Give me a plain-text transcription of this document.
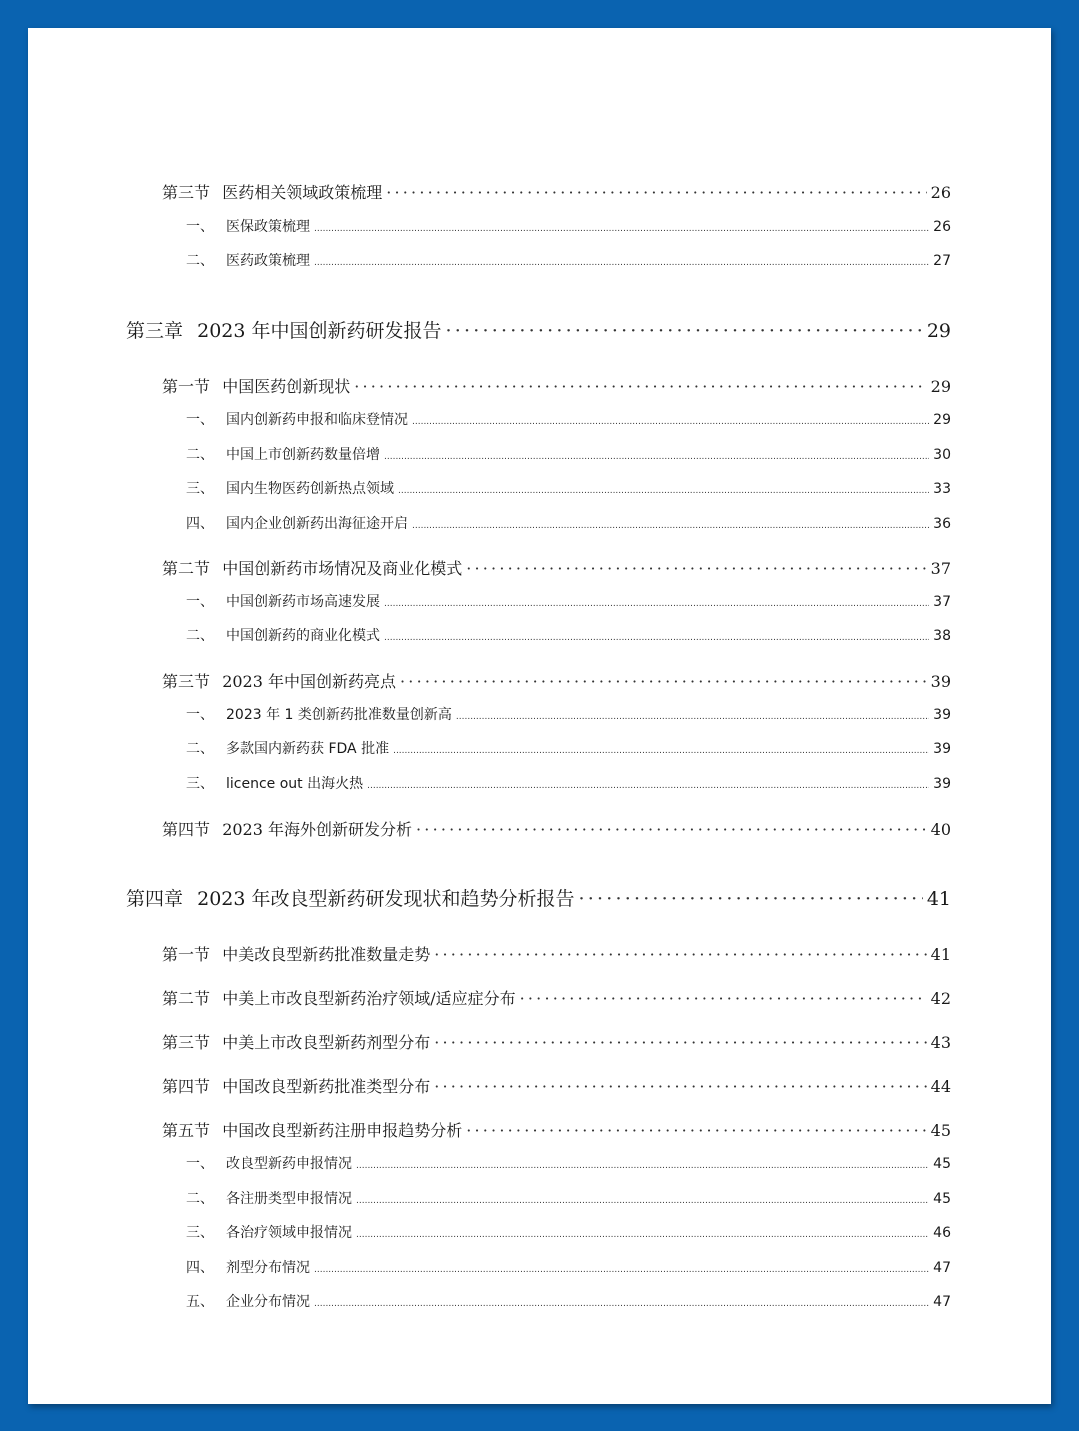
第三节 医药相关领域政策梳理 ·····	26
一、 医保政策梳理 .....	26
二、 医药政策梳理 .....	27
第三章 2023 年中国创新药研发报告 ·····	29
第一节 中国医药创新现状 ·····	29
一、 国内创新药申报和临床登情况 .....	29
二、 中国上市创新药数量倍增 .....	30
三、 国内生物医药创新热点领域 .....	33
四、 国内企业创新药出海征途开启 .....	36
第二节 中国创新药市场情况及商业化模式 ·····	37
一、 中国创新药市场高速发展 .....	37
二、 中国创新药的商业化模式 .....	38
第三节 2023 年中国创新药亮点 ·····	39
一、 2023 年 1 类创新药批准数量创新高 .....	39
二、 多款国内新药获 FDA 批准 .....	39
三、 licence out 出海火热 .....	39
第四节 2023 年海外创新研发分析 ·····	40
第四章 2023 年改良型新药研发现状和趋势分析报告 ·····	41
第一节 中美改良型新药批准数量走势 ·····	41
第二节 中美上市改良型新药治疗领域/适应症分布 ·····	42
第三节 中美上市改良型新药剂型分布 ·····	43
第四节 中国改良型新药批准类型分布 ·····	44
第五节 中国改良型新药注册申报趋势分析 ·····	45
一、 改良型新药申报情况 .....	45
二、 各注册类型申报情况 .....	45
三、 各治疗领域申报情况 .....	46
四、 剂型分布情况 .....	47
五、 企业分布情况 .....	47
